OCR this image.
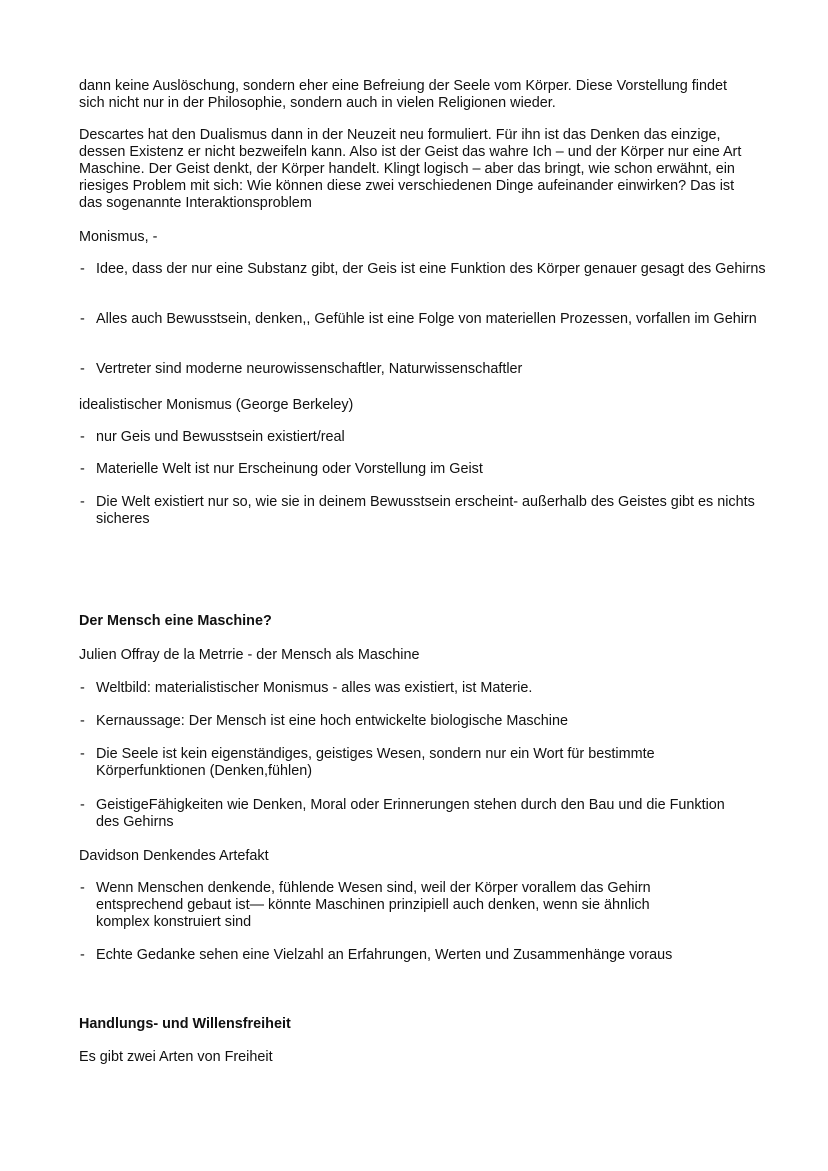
dann keine Auslöschung, sondern eher eine Befreiung der Seele vom Körper. Diese Vorstellung findet sich nicht nur in der Philosophie, sondern auch in vielen Religionen wieder.

Descartes hat den Dualismus dann in der Neuzeit neu formuliert. Für ihn ist das Denken das einzige, dessen Existenz er nicht bezweifeln kann. Also ist der Geist das wahre Ich – und der Körper nur eine Art Maschine. Der Geist denkt, der Körper handelt. Klingt logisch – aber das bringt, wie schon erwähnt, ein riesiges Problem mit sich: Wie können diese zwei verschiedenen Dinge aufeinander einwirken? Das ist das sogenannte Interaktionsproblem

Monismus, -

- Idee, dass der nur eine Substanz gibt, der Geis ist eine Funktion des Körper genauer gesagt des Gehirns
- Alles auch Bewusstsein, denken,, Gefühle ist eine Folge von materiellen Prozessen, vorfallen im Gehirn
- Vertreter sind moderne neurowissenschaftler, Naturwissenschaftler

idealistischer Monismus (George Berkeley)

- nur Geis und Bewusstsein existiert/real
- Materielle Welt ist nur Erscheinung oder Vorstellung im Geist
- Die Welt existiert nur so, wie sie in deinem Bewusstsein erscheint- außerhalb des Geistes gibt es nichts sicheres

Der Mensch eine Maschine?

Julien Offray de la Metrrie - der Mensch als Maschine

- Weltbild: materialistischer Monismus - alles was existiert, ist Materie.
- Kernaussage: Der Mensch ist eine hoch entwickelte biologische Maschine
- Die Seele ist kein eigenständiges, geistiges Wesen, sondern nur ein Wort für bestimmte Körperfunktionen (Denken,fühlen)
- GeistigeFähigkeiten wie Denken, Moral oder Erinnerungen stehen durch den Bau und die Funktion des Gehirns

Davidson Denkendes Artefakt

- Wenn Menschen denkende, fühlende Wesen sind, weil der Körper vorallem das Gehirn entsprechend gebaut ist— könnte Maschinen prinzipiell auch denken, wenn sie ähnlich komplex konstruiert sind
- Echte Gedanke sehen eine Vielzahl an Erfahrungen, Werten und Zusammenhänge voraus

Handlungs- und Willensfreiheit

Es gibt zwei Arten von Freiheit
